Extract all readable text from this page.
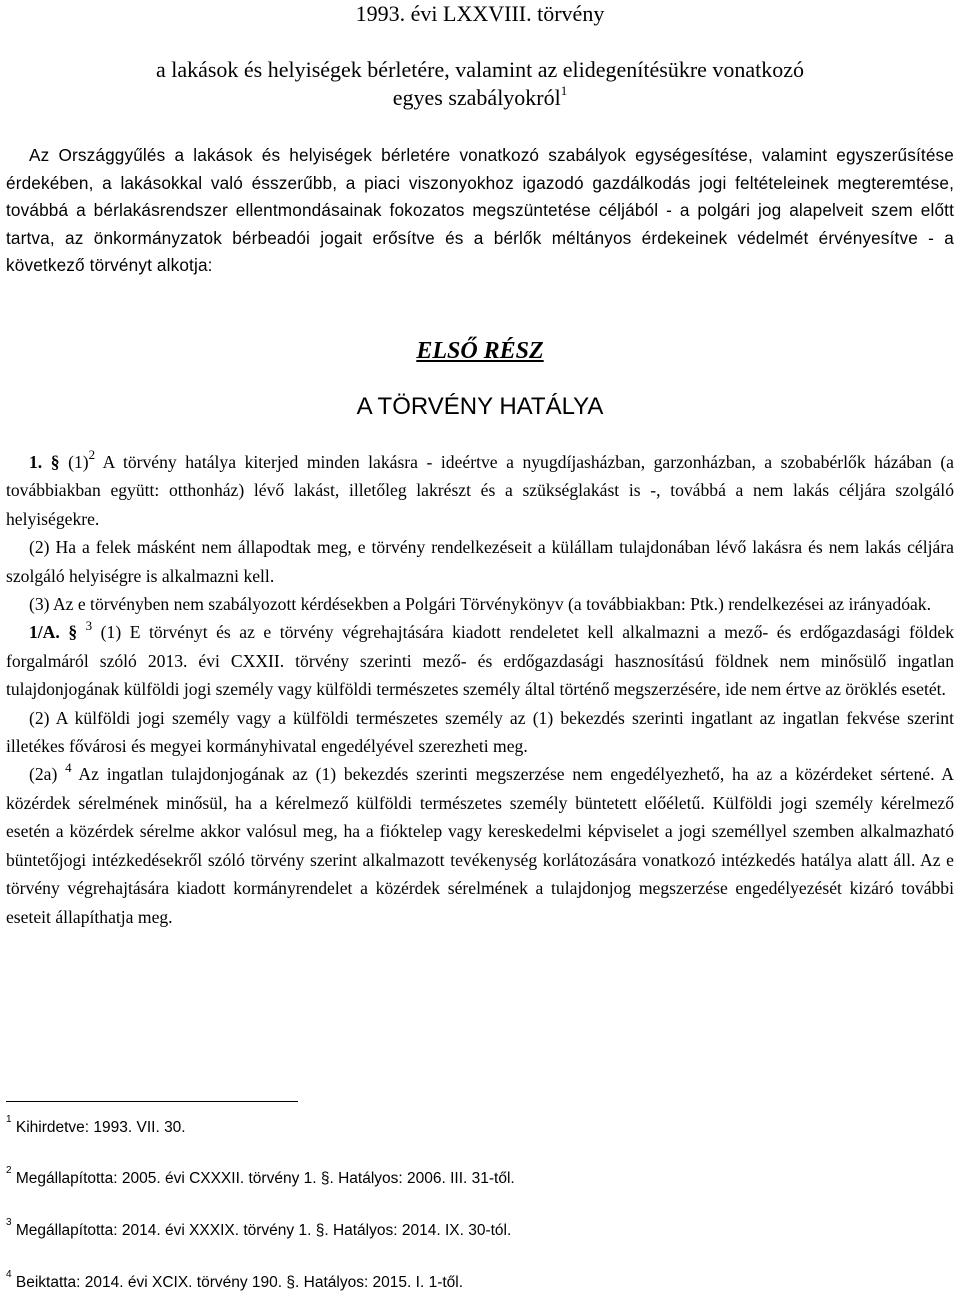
1993. évi LXXVIII. törvény
a lakások és helyiségek bérletére, valamint az elidegenítésükre vonatkozó
egyes szabályokról$^1$
Az Országgyűlés a lakások és helyiségek bérletére vonatkozó szabályok egységesítése, valamint egyszerűsítése érdekében, a lakásokkal való ésszerűbb, a piaci viszonyokhoz igazodó gazdálkodás jogi feltételeinek megteremtése, továbbá a bérlakásrendszer ellentmondásainak fokozatos megszüntetése céljából - a polgári jog alapelveit szem előtt tartva, az önkormányzatok bérbeadói jogait erősítve és a bérlők méltányos érdekeinek védelmét érvényesítve - a következő törvényt alkotja:
ELSŐ RÉSZ
A TÖRVÉNY HATÁLYA

1. § $(1)^2$ A törvény hatálya kiterjed minden lakásra - ideértve a nyugdíjasházban, garzonházban, a szobabérlők házában (a továbbiakban együtt: otthonház) lévő lakást, illetőleg lakrészt és a szükséglakást is -, továbbá a nem lakás céljára szolgáló helyiségekre.

(2) Ha a felek másként nem állapodtak meg, e törvény rendelkezéseit a külállam tulajdonában lévő lakásra és nem lakás céljára szolgáló helyiségre is alkalmazni kell.

(3) Az e törvényben nem szabályozott kérdésekben a Polgári Törvénykönyv (a továbbiakban: Ptk.) rendelkezései az irányadóak.

1/A. § $^3$ (1) E törvényt és az e törvény végrehajtására kiadott rendeletet kell alkalmazni a mező- és erdőgazdasági földek forgalmáról szóló 2013. évi CXXII. törvény szerinti mező- és erdőgazdasági hasznosítású földnek nem minősülő ingatlan tulajdonjogának külföldi jogi személy vagy külföldi természetes személy által történő megszerzésére, ide nem értve az öröklés esetét.

(2) A külföldi jogi személy vagy a külföldi természetes személy az (1) bekezdés szerinti ingatlant az ingatlan fekvése szerint illetékes fővárosi és megyei kormányhivatal engedélyével szerezheti meg.

(2a) $^4$ Az ingatlan tulajdonjogának az (1) bekezdés szerinti megszerzése nem engedélyezhető, ha az a közérdeket sértené. A közérdek sérelmének minősül, ha a kérelmező külföldi természetes személy büntetett előéletű. Külföldi jogi személy kérelmező esetén a közérdek sérelme akkor valósul meg, ha a fióktelep vagy kereskedelmi képviselet a jogi személlyel szemben alkalmazható büntetőjogi intézkedésekről szóló törvény szerint alkalmazott tevékenység korlátozására vonatkozó intézkedés hatálya alatt áll. Az e törvény végrehajtására kiadott kormányrendelet a közérdek sérelmének a tulajdonjog megszerzése engedélyezését kizáró további eseteit állapíthatja meg.

$^1$ Kihirdetve: 1993. VII. 30.
$^2$ Megállapította: 2005. évi CXXXII. törvény 1. §. Hatályos: 2006. III. 31-től.
$^3$ Megállapította: 2014. évi XXXIX. törvény 1. §. Hatályos: 2014. IX. 30-tól.
$^4$ Beiktatta: 2014. évi XCIX. törvény 190. §. Hatályos: 2015. I. 1-től.
